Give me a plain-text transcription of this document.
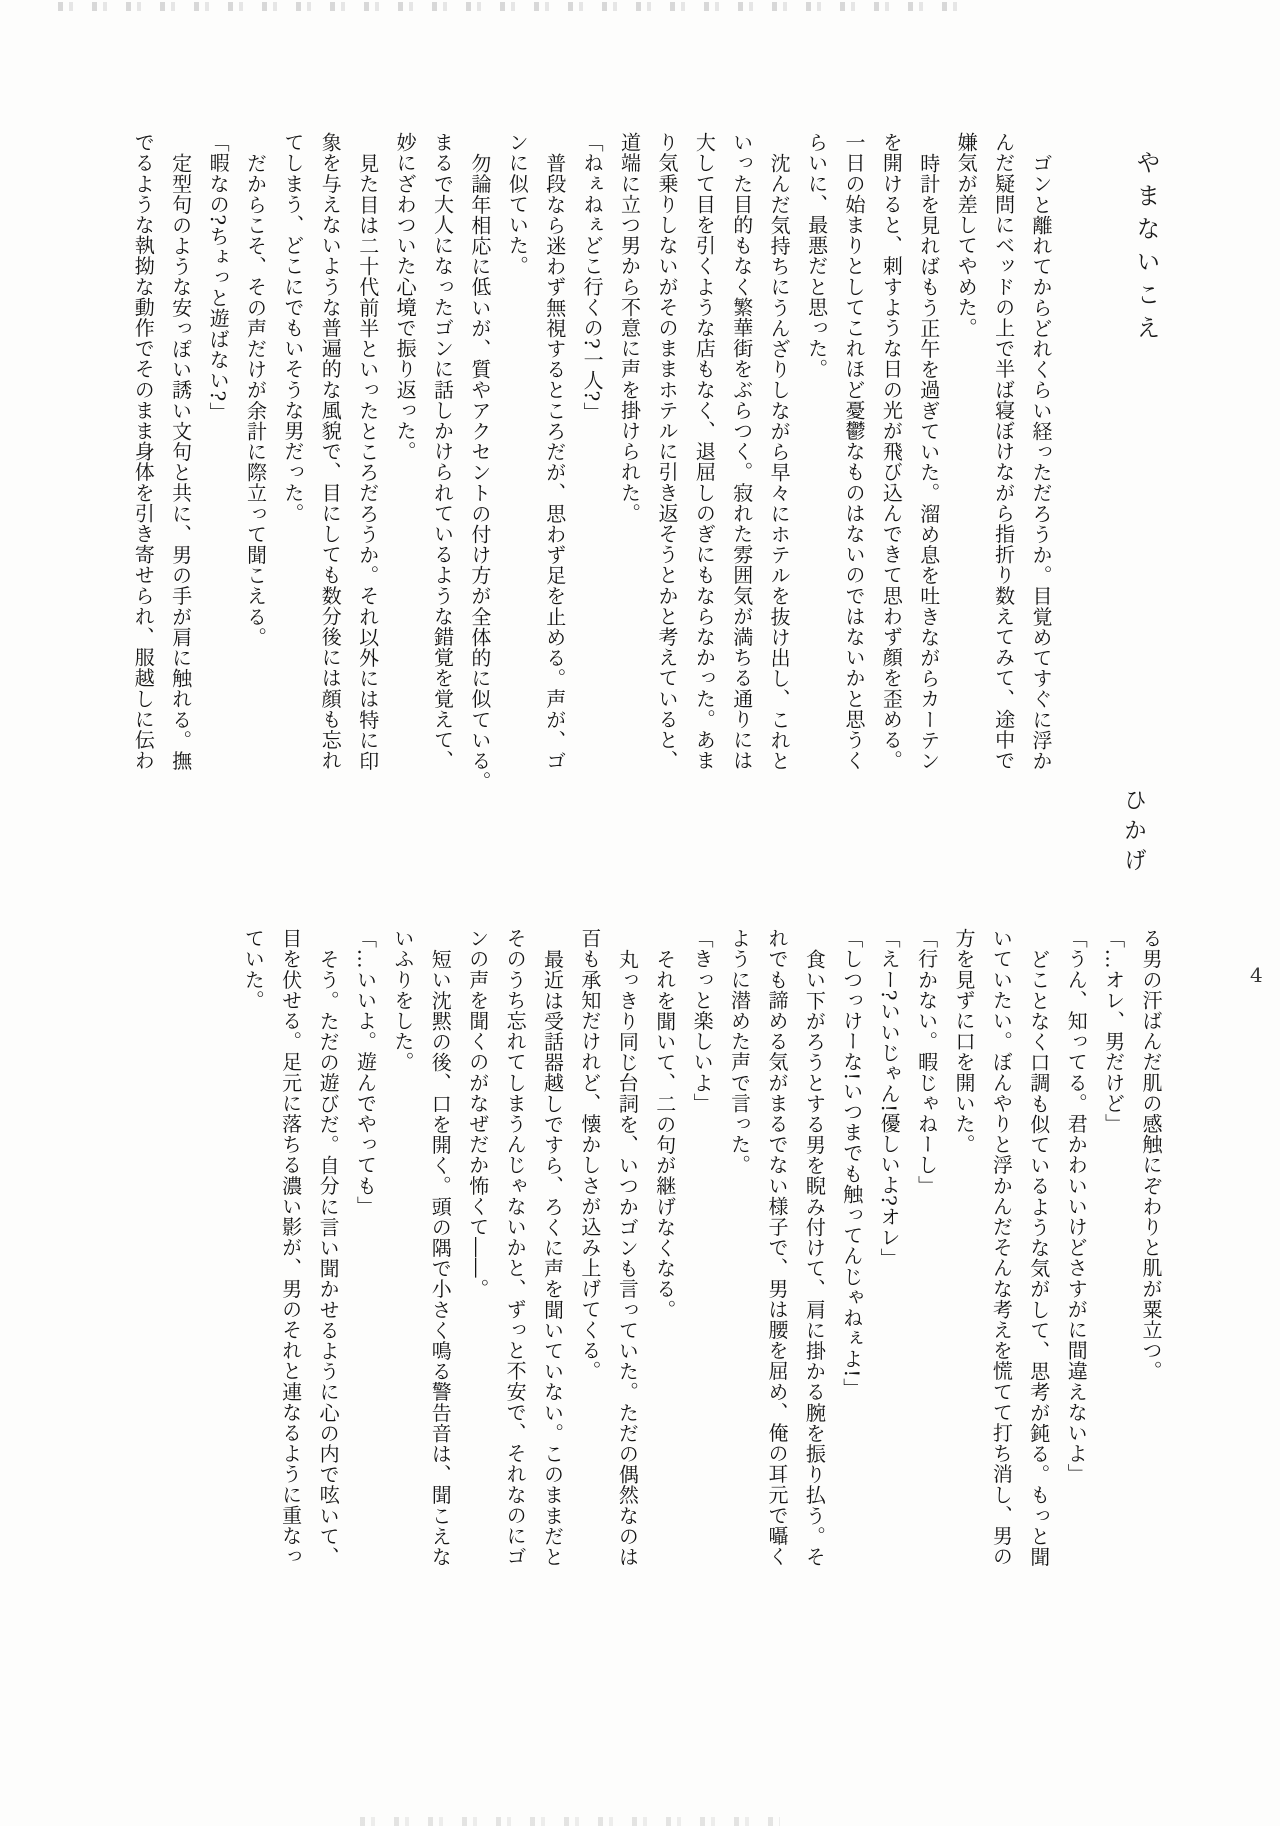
やまないこえ
ひかげ

ゴンと離れてからどれくらい経っただろうか。目覚めてすぐに浮か

んだ疑問にベッドの上で半ば寝ぼけながら指折り数えてみて、途中で

嫌気が差してやめた。

時計を見ればもう正午を過ぎていた。溜め息を吐きながらカーテン

を開けると、刺すような日の光が飛び込んできて思わず顔を歪める。

一日の始まりとしてこれほど憂鬱なものはないのではないかと思うく

らいに、最悪だと思った。

沈んだ気持ちにうんざりしながら早々にホテルを抜け出し、これと

いった目的もなく繁華街をぶらつく。寂れた雰囲気が満ちる通りには

大して目を引くような店もなく、退屈しのぎにもならなかった。あま

り気乗りしないがそのままホテルに引き返そうとかと考えていると、

道端に立つ男から不意に声を掛けられた。

「ねぇねぇどこ行くの?一人?」

普段なら迷わず無視するところだが、思わず足を止める。声が、ゴ

ンに似ていた。

勿論年相応に低いが、質やアクセントの付け方が全体的に似ている。

まるで大人になったゴンに話しかけられているような錯覚を覚えて、

妙にざわついた心境で振り返った。

見た目は二十代前半といったところだろうか。それ以外には特に印

象を与えないような普遍的な風貌で、目にしても数分後には顔も忘れ

てしまう、どこにでもいそうな男だった。

だからこそ、その声だけが余計に際立って聞こえる。

「暇なの?ちょっと遊ばない?」

定型句のような安っぽい誘い文句と共に、男の手が肩に触れる。撫

でるような執拗な動作でそのまま身体を引き寄せられ、服越しに伝わ

る男の汗ばんだ肌の感触にぞわりと肌が粟立つ。

「…オレ、男だけど」

「うん、知ってる。君かわいいけどさすがに間違えないよ」

どことなく口調も似ているような気がして、思考が鈍る。もっと聞

いていたい。ぼんやりと浮かんだそんな考えを慌てて打ち消し、男の

方を見ずに口を開いた。

「行かない。暇じゃねーし」

「えー?いいじゃん!優しいよ?オレ」

「しつっけーな!いつまでも触ってんじゃねぇよ!」

食い下がろうとする男を睨み付けて、肩に掛かる腕を振り払う。そ

れでも諦める気がまるでない様子で、男は腰を屈め、俺の耳元で囁く

ように潜めた声で言った。

「きっと楽しいよ」

それを聞いて、二の句が継げなくなる。

丸っきり同じ台詞を、いつかゴンも言っていた。ただの偶然なのは

百も承知だけれど、懐かしさが込み上げてくる。

最近は受話器越しですら、ろくに声を聞いていない。このままだと

そのうち忘れてしまうんじゃないかと、ずっと不安で、それなのにゴ

ンの声を聞くのがなぜだか怖くて――。

短い沈黙の後、口を開く。頭の隅で小さく鳴る警告音は、聞こえな

いふりをした。

「…いいよ。遊んでやっても」

そう。ただの遊びだ。自分に言い聞かせるように心の内で呟いて、

目を伏せる。足元に落ちる濃い影が、男のそれと連なるように重なっ

ていた。	4
